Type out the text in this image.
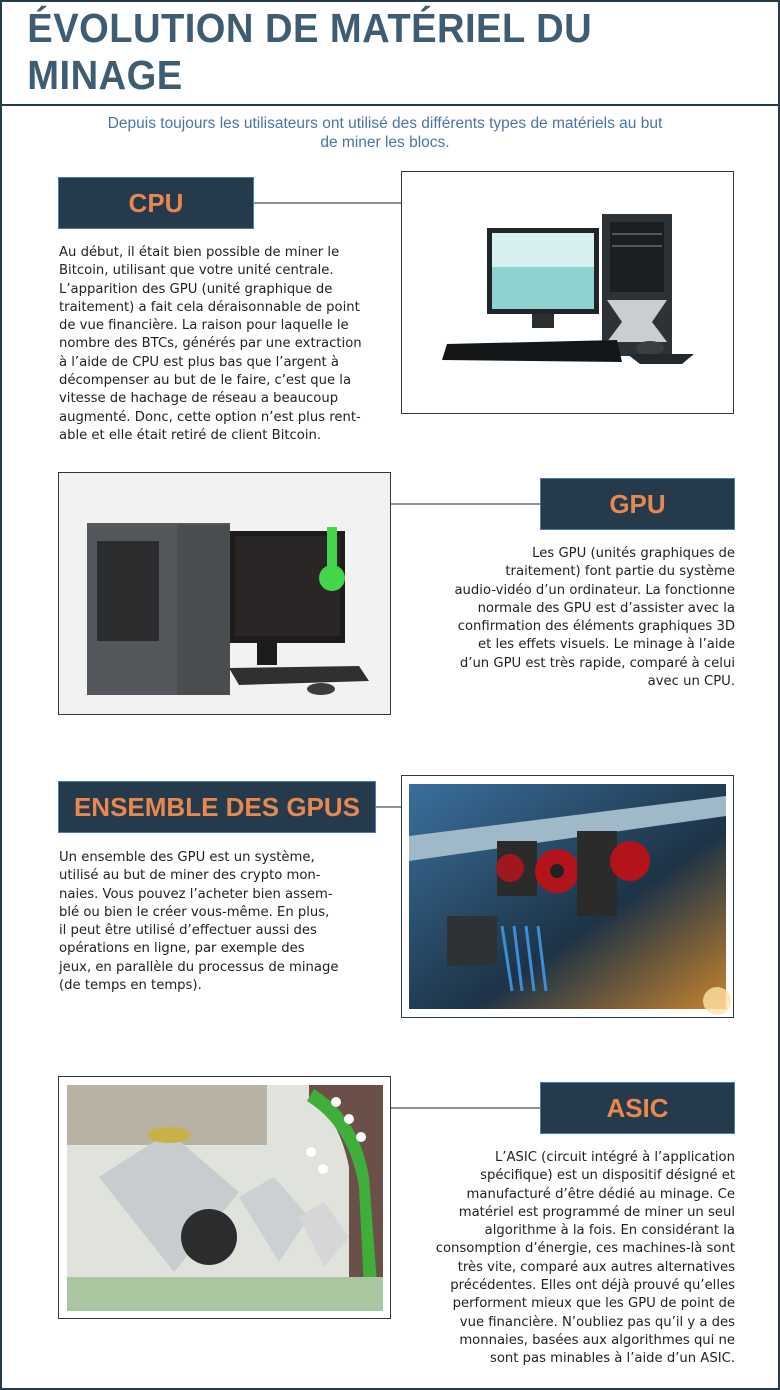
ÉVOLUTION DE MATÉRIEL DU MINAGE

Depuis toujours les utilisateurs ont utilisé des différents types de matériels au but de miner les blocs.

CPU
Au début, il était bien possible de miner le
Bitcoin, utilisant que votre unité centrale.
L’apparition des GPU (unité graphique de
traitement) a fait cela déraisonnable de point
de vue financière. La raison pour laquelle le
nombre des BTCs, générés par une extraction
à l’aide de CPU est plus bas que l’argent à
décompenser au but de le faire, c’est que la
vitesse de hachage de réseau a beaucoup
augmenté. Donc, cette option n’est plus rent-
able et elle était retiré de client Bitcoin.
GPU
Les GPU (unités graphiques de
traitement) font partie du système
audio-vidéo d’un ordinateur. La fonctionne
normale des GPU est d’assister avec la
confirmation des éléments graphiques 3D
et les effets visuels. Le minage à l’aide
d’un GPU est très rapide, comparé à celui
avec un CPU.
ENSEMBLE DES GPUS
Un ensemble des GPU est un système,
utilisé au but de miner des crypto mon-
naies. Vous pouvez l’acheter bien assem-
blé ou bien le créer vous-même. En plus,
il peut être utilisé d’effectuer aussi des
opérations en ligne, par exemple des
jeux, en parallèle du processus de minage
(de temps en temps).
ASIC
L’ASIC (circuit intégré à l’application
spécifique) est un dispositif désigné et
manufacturé d’être dédié au minage. Ce
matériel est programmé de miner un seul
algorithme à la fois. En considérant la
consomption d’énergie, ces machines-là sont
très vite, comparé aux autres alternatives
précédentes. Elles ont déjà prouvé qu’elles
performent mieux que les GPU de point de
vue financière. N’oubliez pas qu’il y a des
monnaies, basées aux algorithmes qui ne
sont pas minables à l’aide d’un ASIC.
